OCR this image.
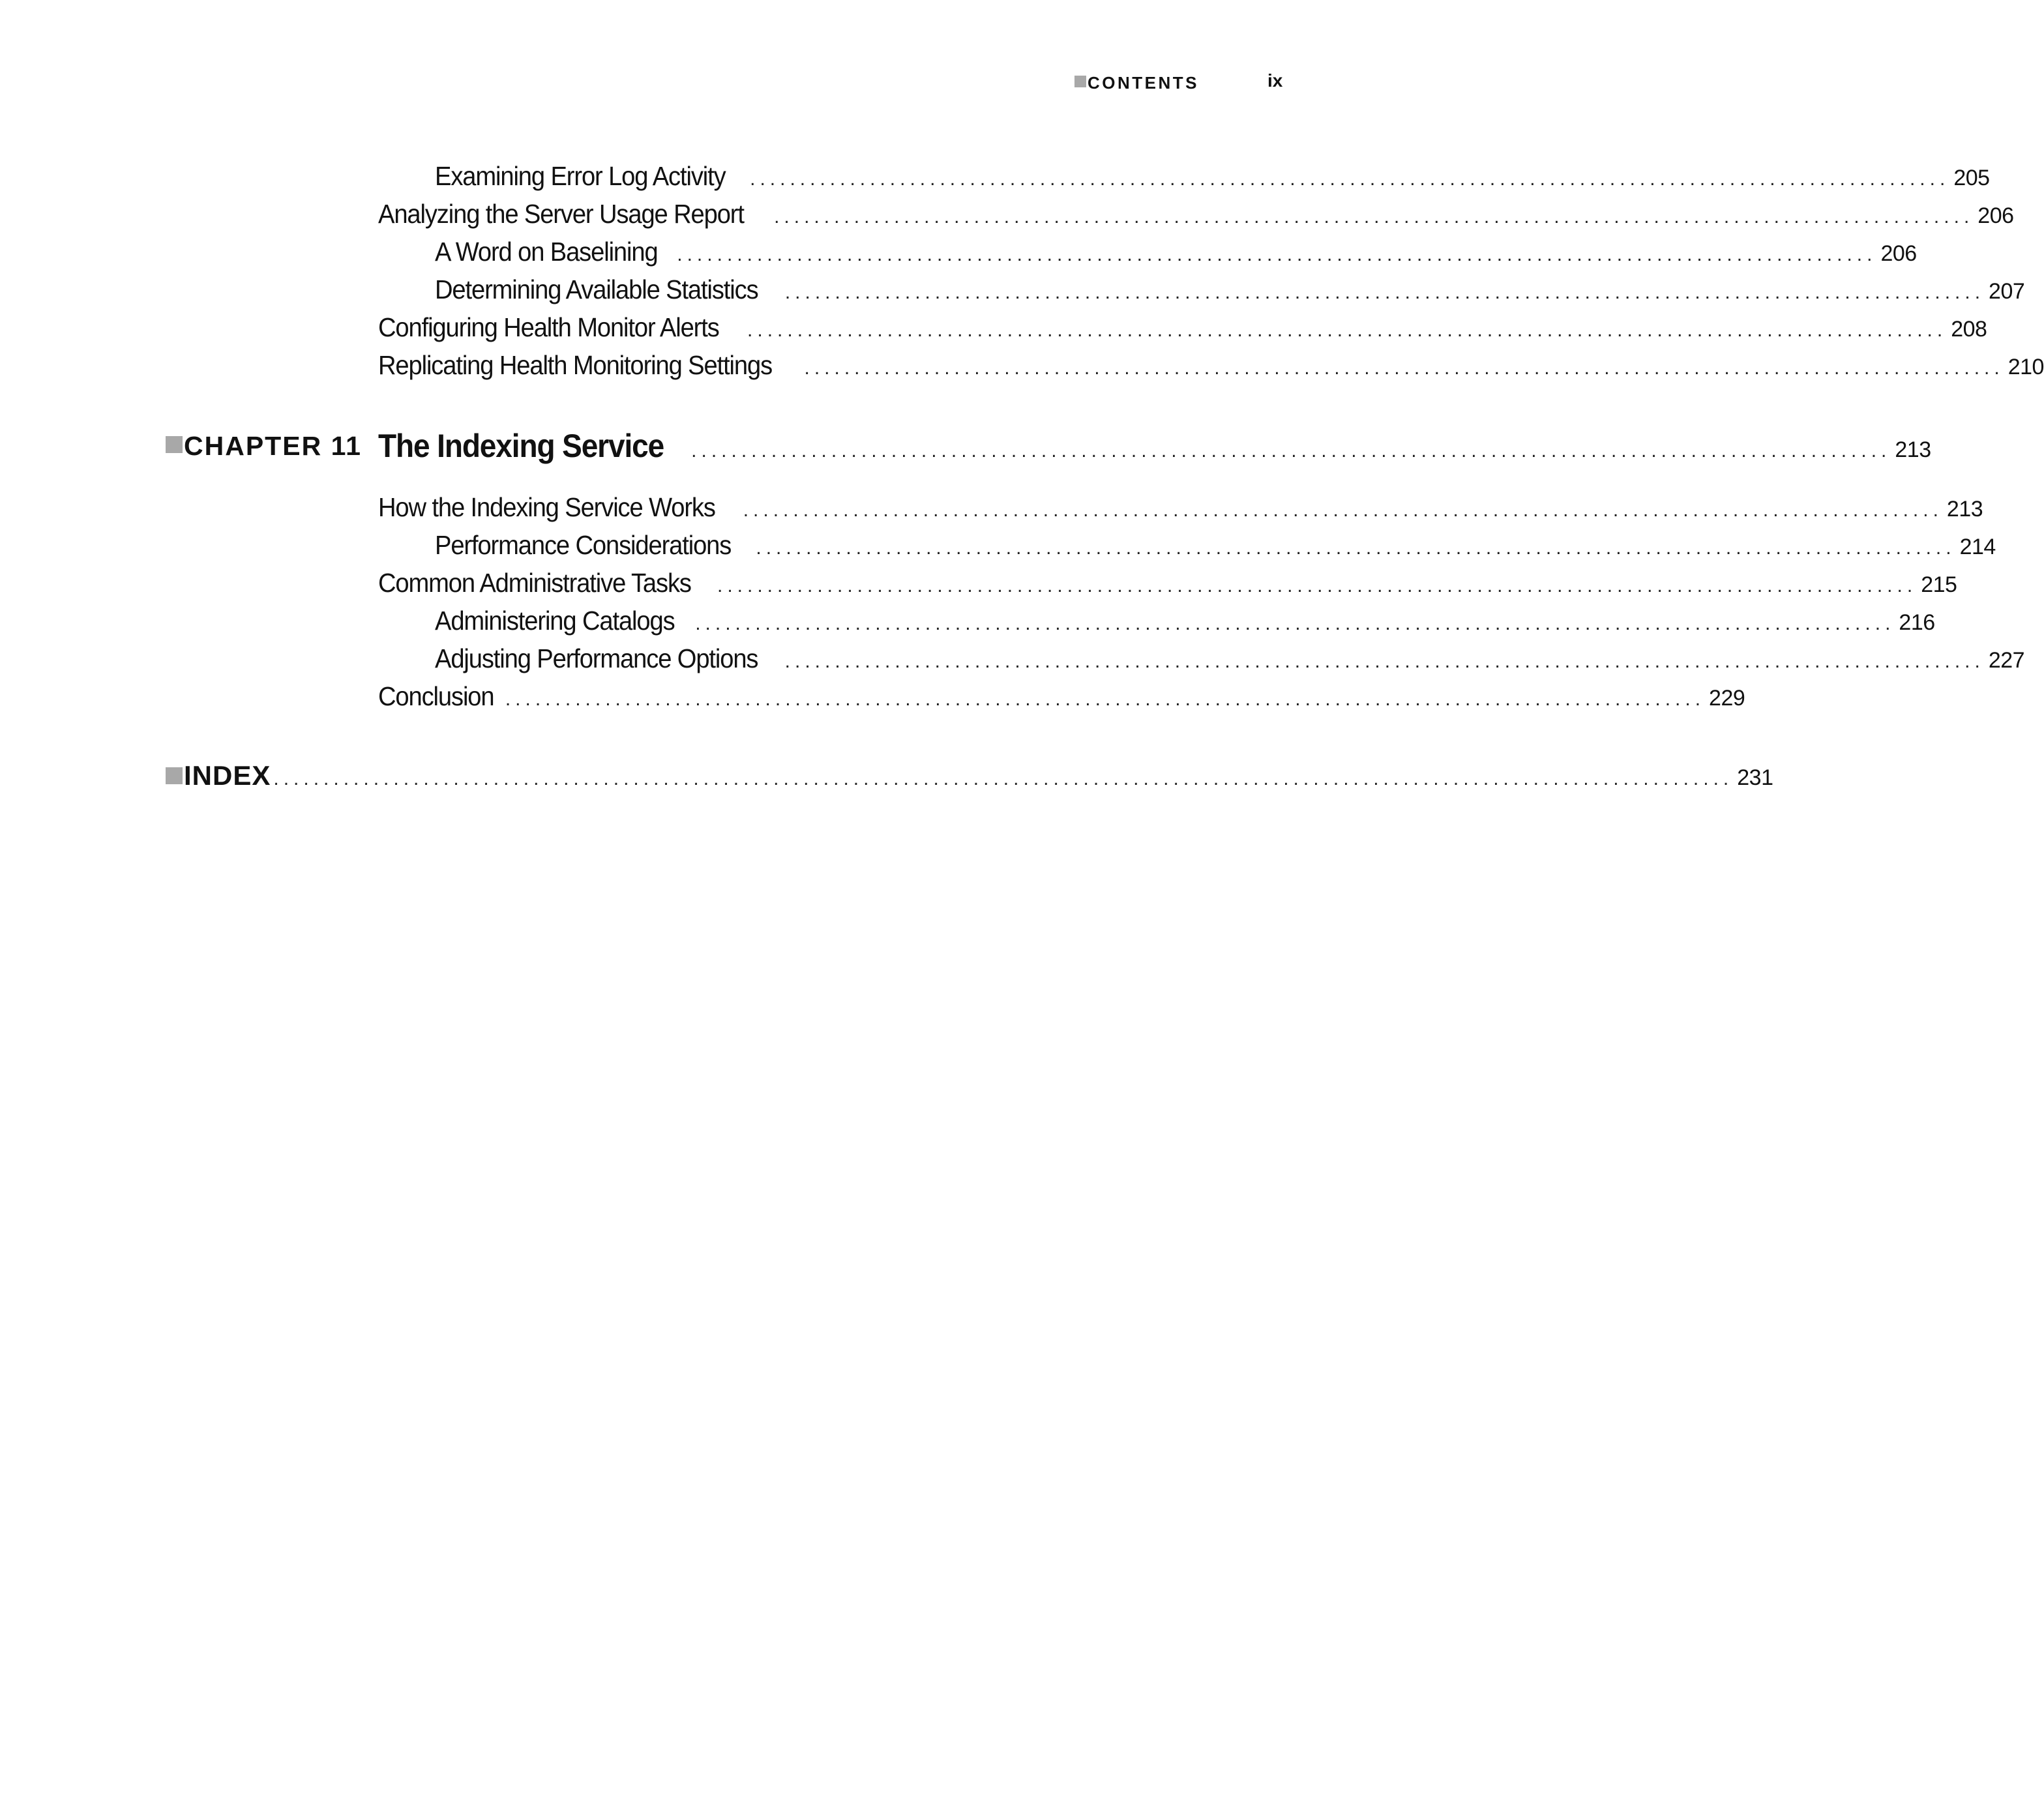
CONTENTS	ix
Examining Error Log Activity ........................................................................................................................ 205
Analyzing the Server Usage Report ........................................................................................................................ 206
A Word on Baselining ........................................................................................................................ 206
Determining Available Statistics ........................................................................................................................ 207
Configuring Health Monitor Alerts ........................................................................................................................ 208
Replicating Health Monitoring Settings ........................................................................................................................ 210
CHAPTER 11 The Indexing Service ........................................................................................................................ 213
How the Indexing Service Works ........................................................................................................................ 213
Performance Considerations ........................................................................................................................ 214
Common Administrative Tasks ........................................................................................................................ 215
Administering Catalogs ........................................................................................................................ 216
Adjusting Performance Options ........................................................................................................................ 227
Conclusion ........................................................................................................................ 229
INDEX .................................................................................................................................................. 231
